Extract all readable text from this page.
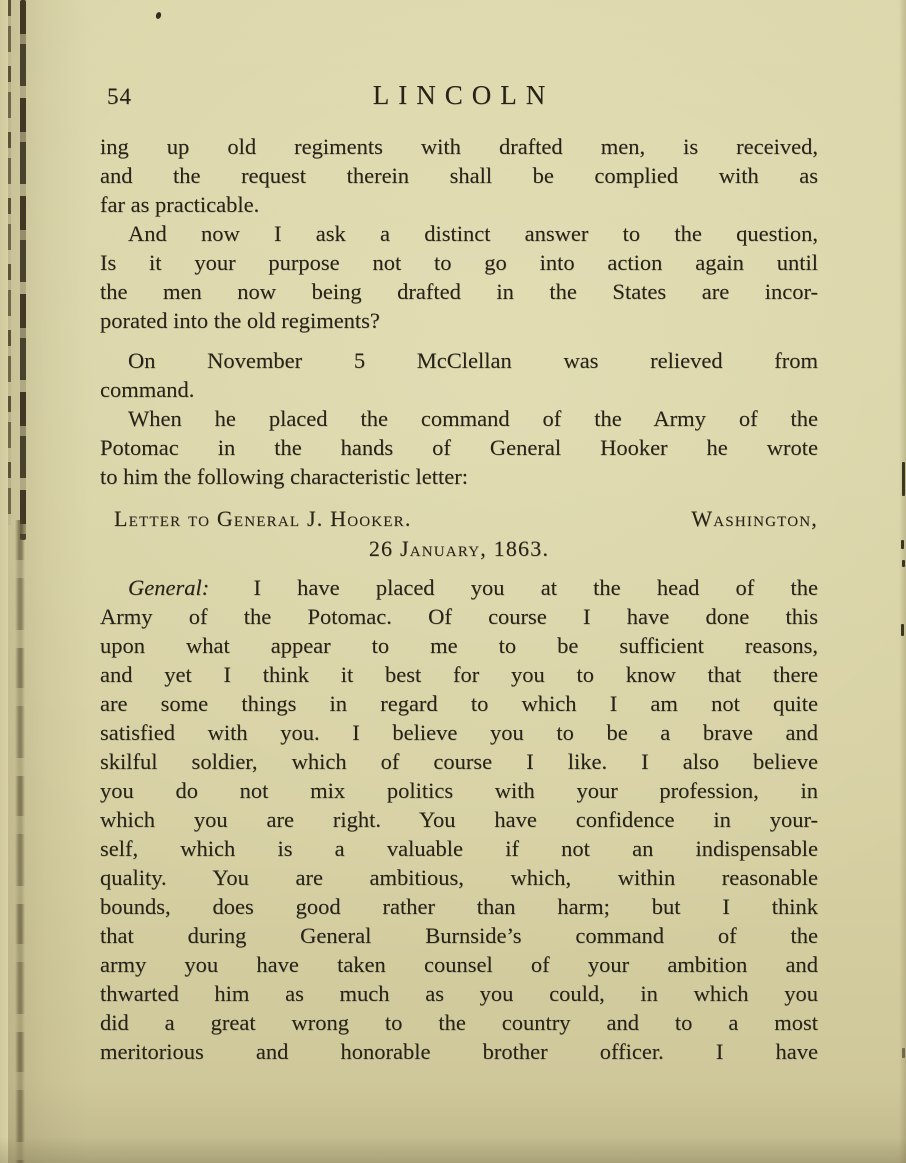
54	LINCOLN
ing up old regiments with drafted men, is received,
and the request therein shall be complied with as
far as practicable.
And now I ask a distinct answer to the question,
Is it your purpose not to go into action again until
the men now being drafted in the States are incor-
porated into the old regiments?
On November 5 McClellan was relieved from
command.
When he placed the command of the Army of the
Potomac in the hands of General Hooker he wrote
to him the following characteristic letter:
Letter to General J. Hooker.	Washington,
26 January, 1863.
General: I have placed you at the head of the
Army of the Potomac. Of course I have done this
upon what appear to me to be sufficient reasons,
and yet I think it best for you to know that there
are some things in regard to which I am not quite
satisfied with you. I believe you to be a brave and
skilful soldier, which of course I like. I also believe
you do not mix politics with your profession, in
which you are right. You have confidence in your-
self, which is a valuable if not an indispensable
quality. You are ambitious, which, within reasonable
bounds, does good rather than harm; but I think
that during General Burnside’s command of the
army you have taken counsel of your ambition and
thwarted him as much as you could, in which you
did a great wrong to the country and to a most
meritorious and honorable brother officer. I have
